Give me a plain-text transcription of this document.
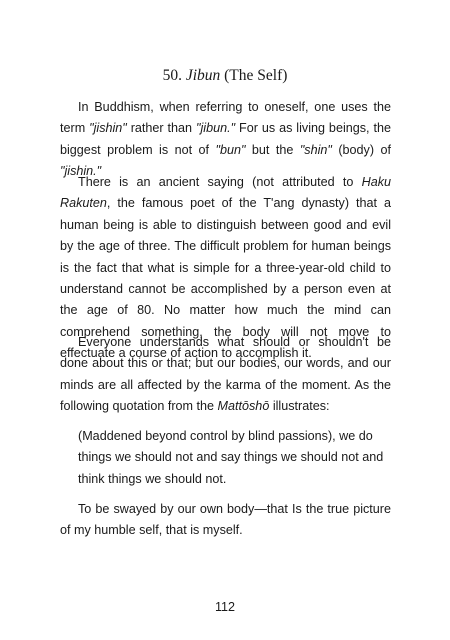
50. Jibun (The Self)

In Buddhism, when referring to oneself, one uses the term "jishin" rather than "jibun." For us as living beings, the biggest problem is not of "bun" but the "shin" (body) of "jishin."

There is an ancient saying (not attributed to Haku Rakuten, the famous poet of the T'ang dynasty) that a human being is able to distinguish between good and evil by the age of three. The difficult problem for human beings is the fact that what is simple for a three-year-old child to understand cannot be accomplished by a person even at the age of 80. No matter how much the mind can comprehend something, the body will not move to effectuate a course of action to accomplish it.

Everyone understands what should or shouldn't be done about this or that; but our bodies, our words, and our minds are all affected by the karma of the moment. As the following quotation from the Mattōshō illustrates:

(Maddened beyond control by blind passions), we do things we should not and say things we should not and think things we should not.

To be swayed by our own body—that Is the true picture of my humble self, that is myself.

112
